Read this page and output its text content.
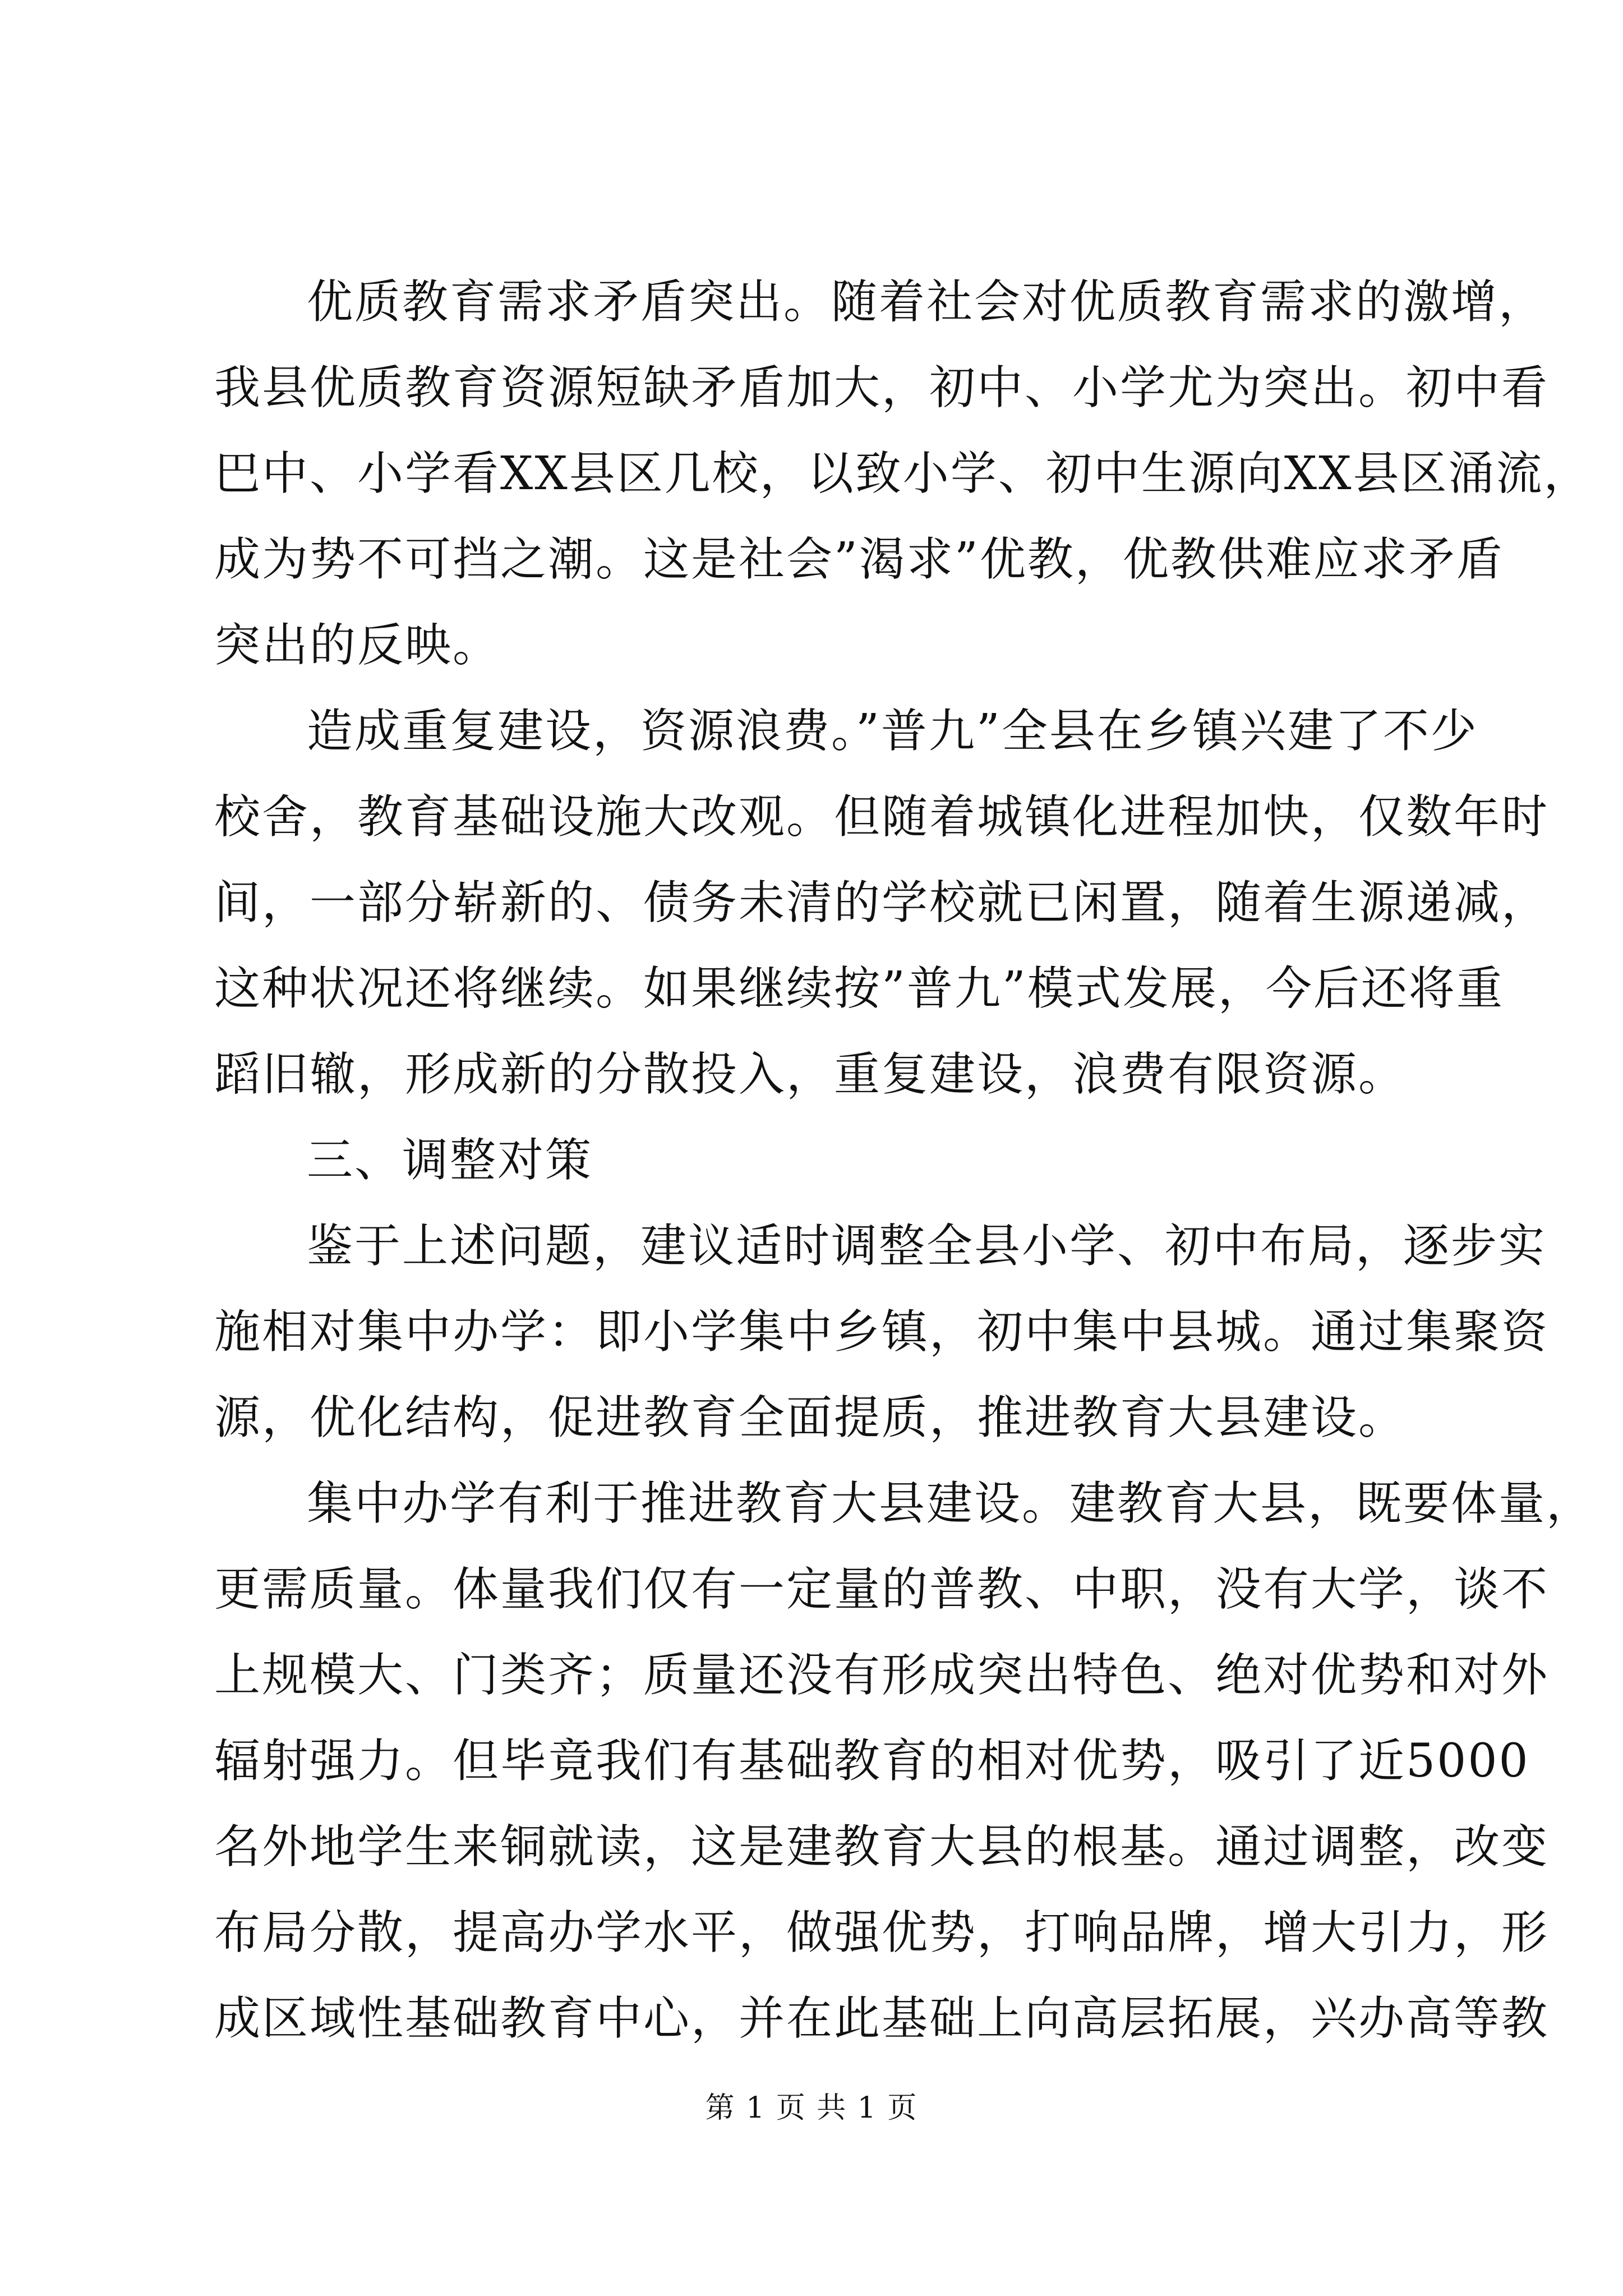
优质教育需求矛盾突出。随着社会对优质教育需求的激增，
我县优质教育资源短缺矛盾加大，初中、小学尤为突出。初中看
巴中、小学看XX县区几校，以致小学、初中生源向XX县区涌流，
成为势不可挡之潮。这是社会”渴求”优教，优教供难应求矛盾
突出的反映。
造成重复建设，资源浪费。”普九”全县在乡镇兴建了不少
校舍，教育基础设施大改观。但随着城镇化进程加快，仅数年时
间，一部分崭新的、债务未清的学校就已闲置，随着生源递减，
这种状况还将继续。如果继续按”普九”模式发展，今后还将重
蹈旧辙，形成新的分散投入，重复建设，浪费有限资源。
三、调整对策
鉴于上述问题，建议适时调整全县小学、初中布局，逐步实
施相对集中办学：即小学集中乡镇，初中集中县城。通过集聚资
源，优化结构，促进教育全面提质，推进教育大县建设。
集中办学有利于推进教育大县建设。建教育大县，既要体量，
更需质量。体量我们仅有一定量的普教、中职，没有大学，谈不
上规模大、门类齐；质量还没有形成突出特色、绝对优势和对外
辐射强力。但毕竟我们有基础教育的相对优势，吸引了近5000
名外地学生来铜就读，这是建教育大县的根基。通过调整，改变
布局分散，提高办学水平，做强优势，打响品牌，增大引力，形
成区域性基础教育中心，并在此基础上向高层拓展，兴办高等教
第 1 页 共 1 页
